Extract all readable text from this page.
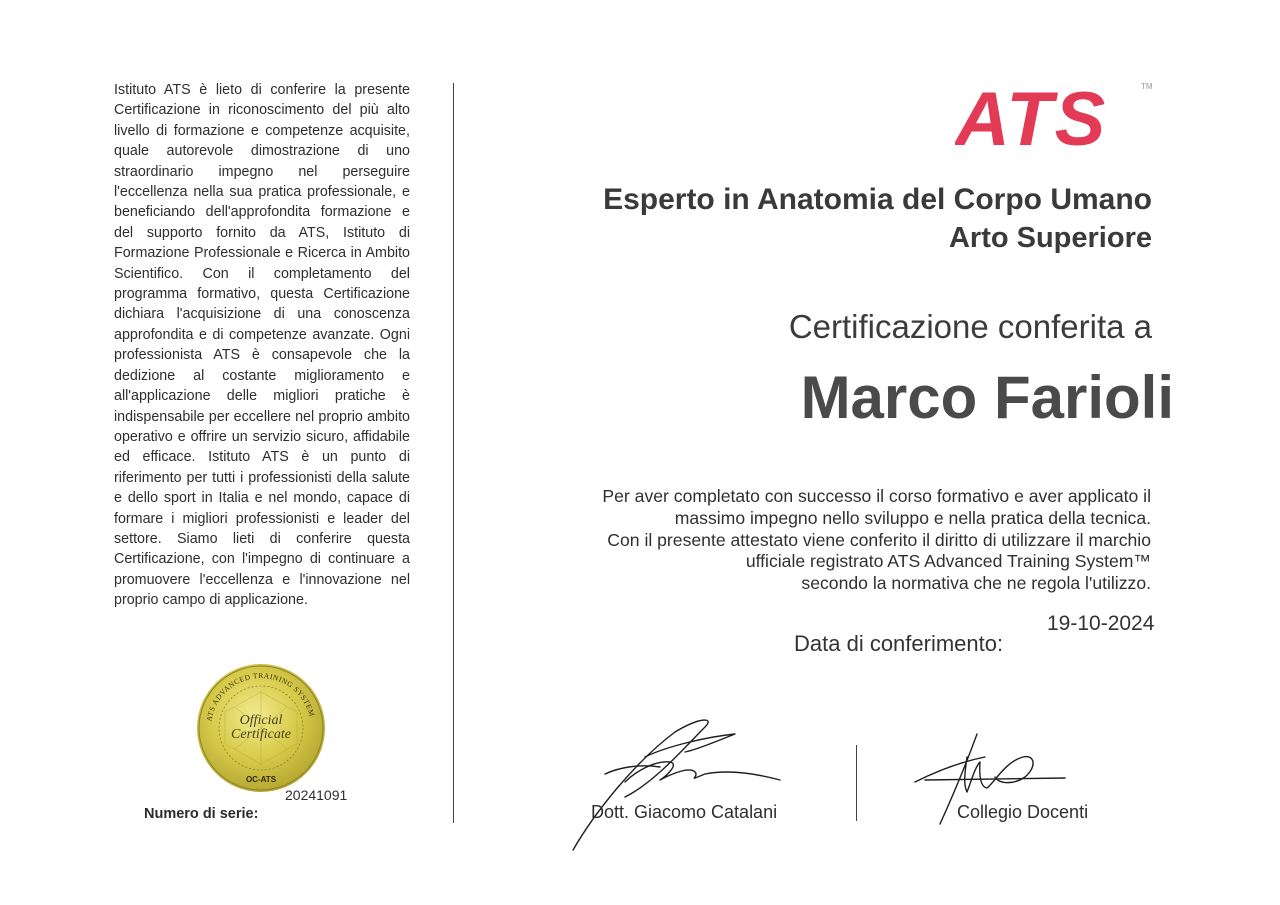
Istituto ATS è lieto di conferire la presente Certificazione in riconoscimento del più alto livello di formazione e competenze acquisite, quale autorevole dimostrazione di uno straordinario impegno nel perseguire l'eccellenza nella sua pratica professionale, e beneficiando dell'approfondita formazione e del supporto fornito da ATS, Istituto di Formazione Professionale e Ricerca in Ambito Scientifico. Con il completamento del programma formativo, questa Certificazione dichiara l'acquisizione di una conoscenza approfondita e di competenze avanzate. Ogni professionista ATS è consapevole che la dedizione al costante miglioramento e all'applicazione delle migliori pratiche è indispensabile per eccellere nel proprio ambito operativo e offrire un servizio sicuro, affidabile ed efficace. Istituto ATS è un punto di riferimento per tutti i professionisti della salute e dello sport in Italia e nel mondo, capace di formare i migliori professionisti e leader del settore. Siamo lieti di conferire questa Certificazione, con l'impegno di continuare a promuovere l'eccellenza e l'innovazione nel proprio campo di applicazione.

ATS ADVANCED TRAINING SYSTEM
Official
Certificate
OC-ATS
20241091
Numero di serie:
ATS	TM
Esperto in Anatomia del Corpo Umano
Arto Superiore
Certificazione conferita a
Marco Farioli
Per aver completato con successo il corso formativo e aver applicato il
massimo impegno nello sviluppo e nella pratica della tecnica.
Con il presente attestato viene conferito il diritto di utilizzare il marchio
ufficiale registrato ATS Advanced Training System™
secondo la normativa che ne regola l'utilizzo.
19-10-2024
Data di conferimento:
Dott. Giacomo Catalani	Collegio Docenti
